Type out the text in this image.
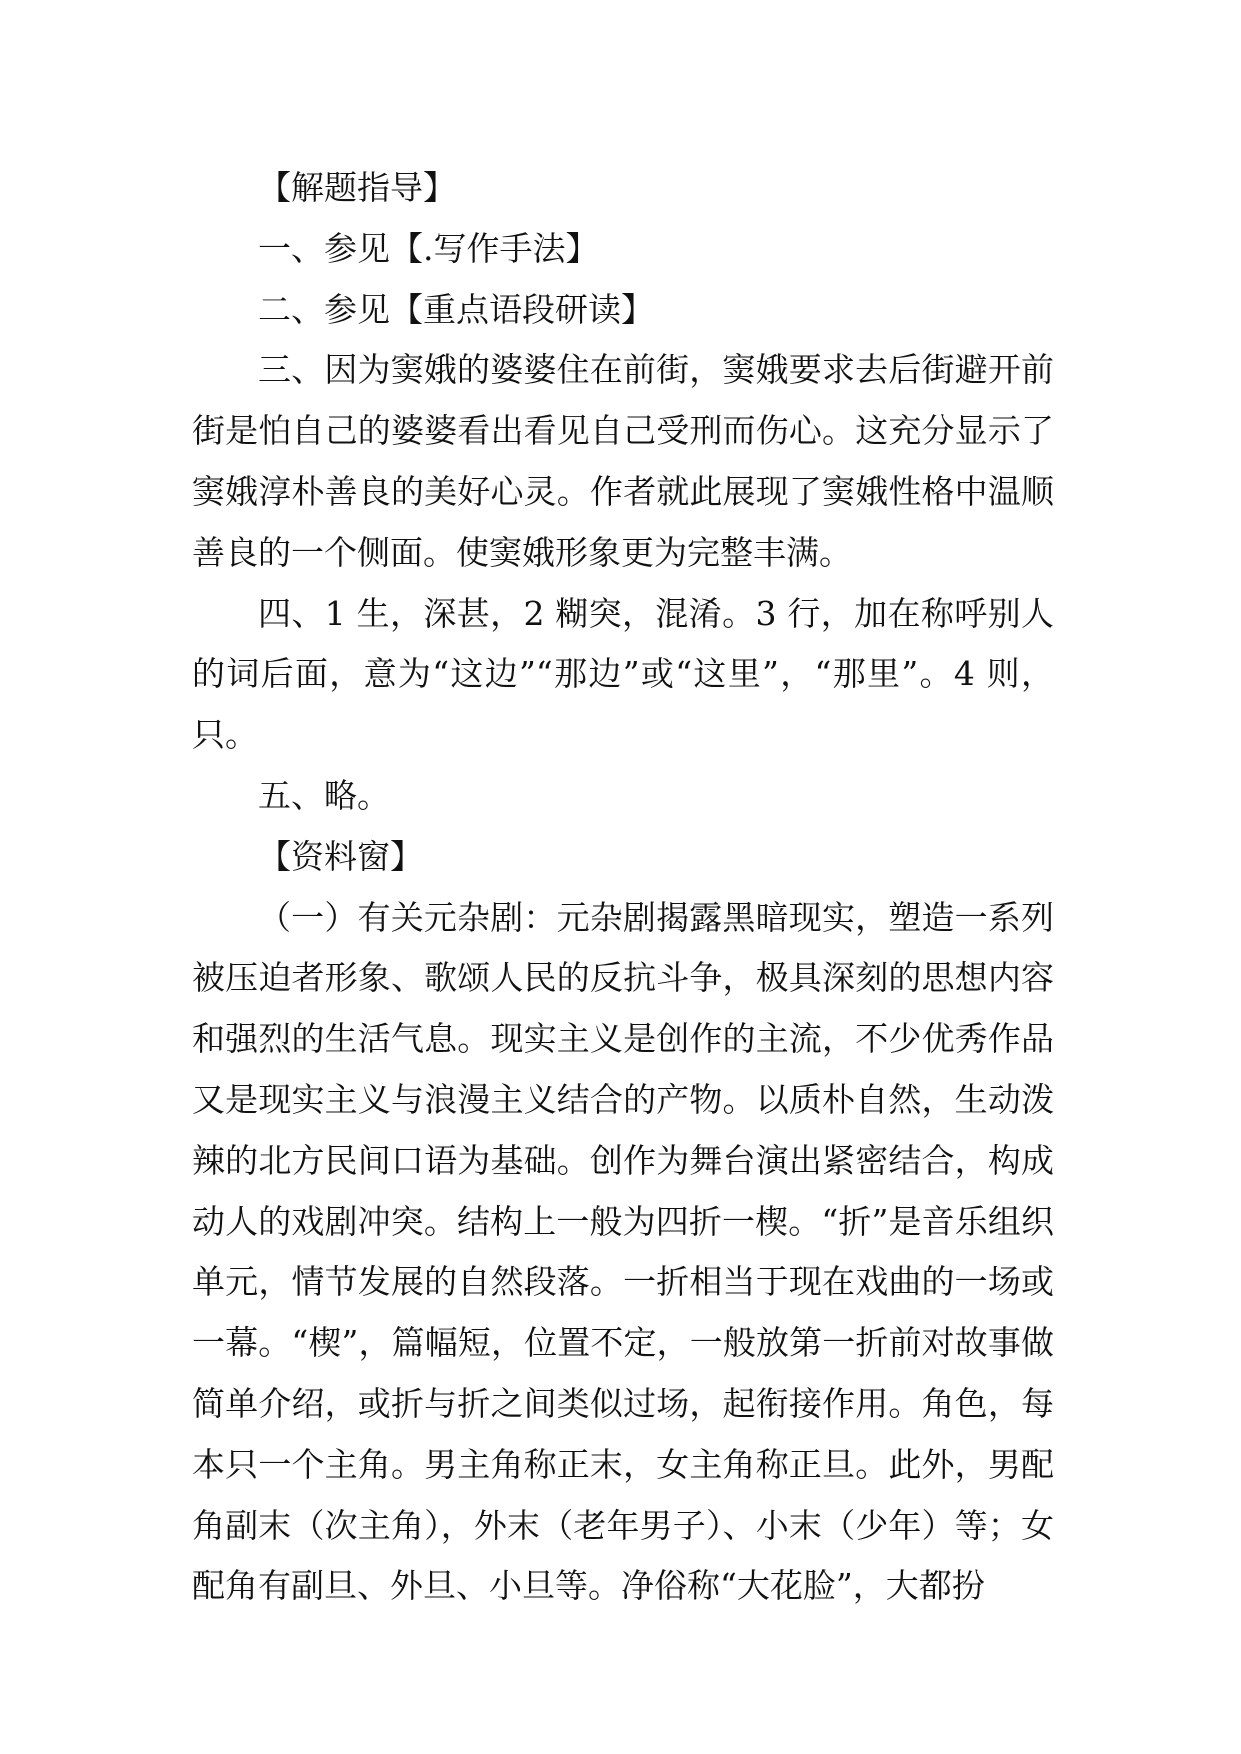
【解题指导】

一、参见【.写作手法】

二、参见【重点语段研读】

三、因为窦娥的婆婆住在前街，窦娥要求去后街避开前街是怕自己的婆婆看出看见自己受刑而伤心。这充分显示了窦娥淳朴善良的美好心灵。作者就此展现了窦娥性格中温顺善良的一个侧面。使窦娥形象更为完整丰满。

四、1 生，深甚，2 糊突，混淆。3 行，加在称呼别人的词后面，意为“这边”“那边”或“这里”，“那里”。4 则，只。

五、略。

【资料窗】

（一）有关元杂剧：元杂剧揭露黑暗现实，塑造一系列被压迫者形象、歌颂人民的反抗斗争，极具深刻的思想内容和强烈的生活气息。现实主义是创作的主流，不少优秀作品又是现实主义与浪漫主义结合的产物。以质朴自然，生动泼辣的北方民间口语为基础。创作为舞台演出紧密结合，构成动人的戏剧冲突。结构上一般为四折一楔。“折”是音乐组织单元，情节发展的自然段落。一折相当于现在戏曲的一场或一幕。“楔”，篇幅短，位置不定，一般放第一折前对故事做简单介绍，或折与折之间类似过场，起衔接作用。角色，每本只一个主角。男主角称正末，女主角称正旦。此外，男配角副末（次主角），外末（老年男子）、小末（少年）等；女配角有副旦、外旦、小旦等。净俗称“大花脸”，大都扮
